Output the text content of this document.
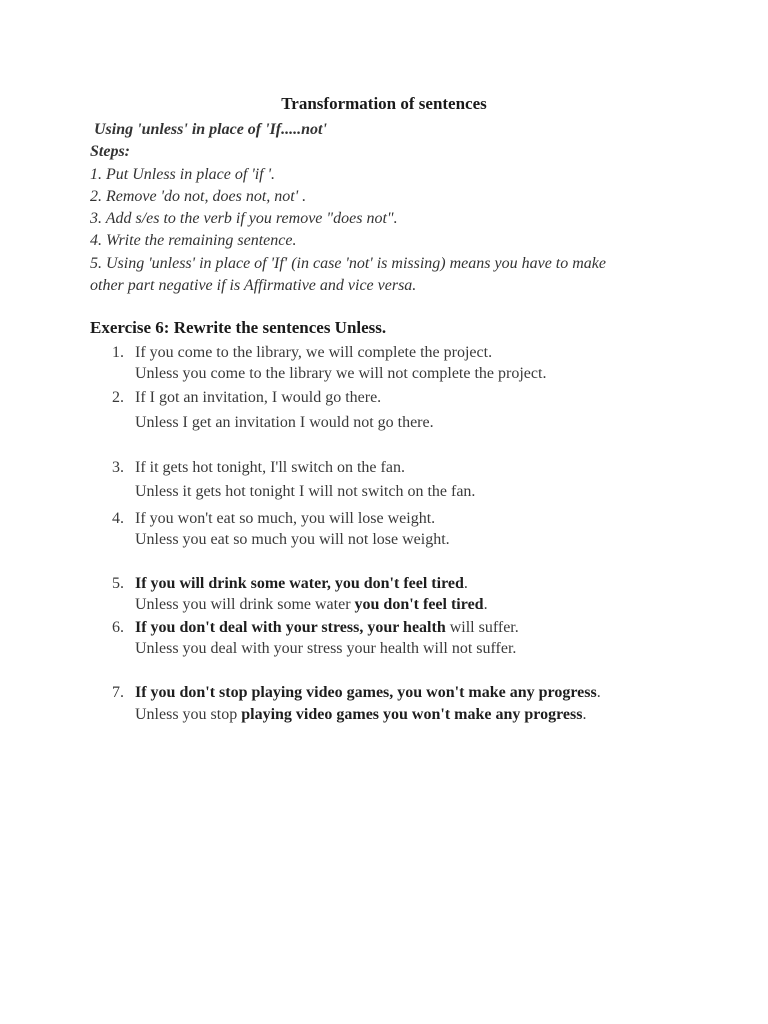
Transformation of sentences
Using 'unless' in place of 'If.....not'
Steps:
1. Put Unless in place of 'if '.
2. Remove 'do not, does not, not' .
3. Add s/es to the verb if you remove "does not".
4. Write the remaining sentence.
5. Using 'unless' in place of 'If' (in case 'not' is missing) means you have to make
other part negative if is Affirmative and vice versa.
Exercise 6: Rewrite the sentences Unless.
1. If you come to the library, we will complete the project.
Unless you come to the library we will not complete the project.
2. If I got an invitation, I would go there.
Unless I get an invitation I would not go there.
3. If it gets hot tonight, I'll switch on the fan.
Unless it gets hot tonight I will not switch on the fan.
4. If you won't eat so much, you will lose weight.
Unless you eat so much you will not lose weight.
5. If you will drink some water, you don't feel tired.
Unless you will drink some water you don't feel tired.
6. If you don't deal with your stress, your health will suffer.
Unless you deal with your stress your health will not suffer.
7. If you don't stop playing video games, you won't make any progress.
Unless you stop playing video games you won't make any progress.
